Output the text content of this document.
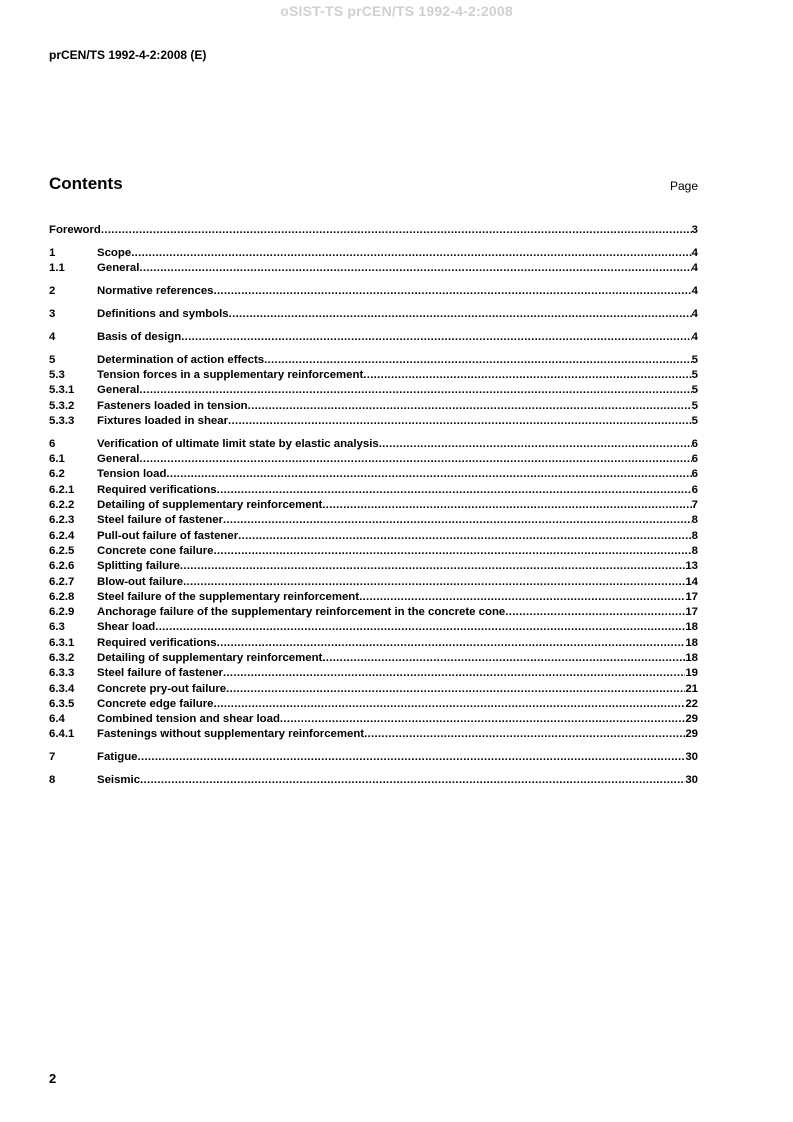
oSIST-TS prCEN/TS 1992-4-2:2008
prCEN/TS 1992-4-2:2008 (E)
Contents	Page
Foreword .....	3
1	Scope .....	4
1.1	General .....	4
2	Normative references .....	4
3	Definitions and symbols .....	4
4	Basis of design .....	4
5	Determination of action effects .....	5
5.3	Tension forces in a supplementary reinforcement .....	5
5.3.1	General .....	5
5.3.2	Fasteners loaded in tension .....	5
5.3.3	Fixtures loaded in shear .....	5
6	Verification of ultimate limit state by elastic analysis .....	6
6.1	General .....	6
6.2	Tension load .....	6
6.2.1	Required verifications .....	6
6.2.2	Detailing of supplementary reinforcement .....	7
6.2.3	Steel failure of fastener .....	8
6.2.4	Pull-out failure of fastener .....	8
6.2.5	Concrete cone failure .....	8
6.2.6	Splitting failure .....	13
6.2.7	Blow-out failure .....	14
6.2.8	Steel failure of the supplementary reinforcement .....	17
6.2.9	Anchorage failure of the supplementary reinforcement in the concrete cone .....	17
6.3	Shear load .....	18
6.3.1	Required verifications .....	18
6.3.2	Detailing of supplementary reinforcement .....	18
6.3.3	Steel failure of fastener .....	19
6.3.4	Concrete pry-out failure .....	21
6.3.5	Concrete edge failure .....	22
6.4	Combined tension and shear load .....	29
6.4.1	Fastenings without supplementary reinforcement .....	29
7	Fatigue .....	30
8	Seismic .....	30
2
